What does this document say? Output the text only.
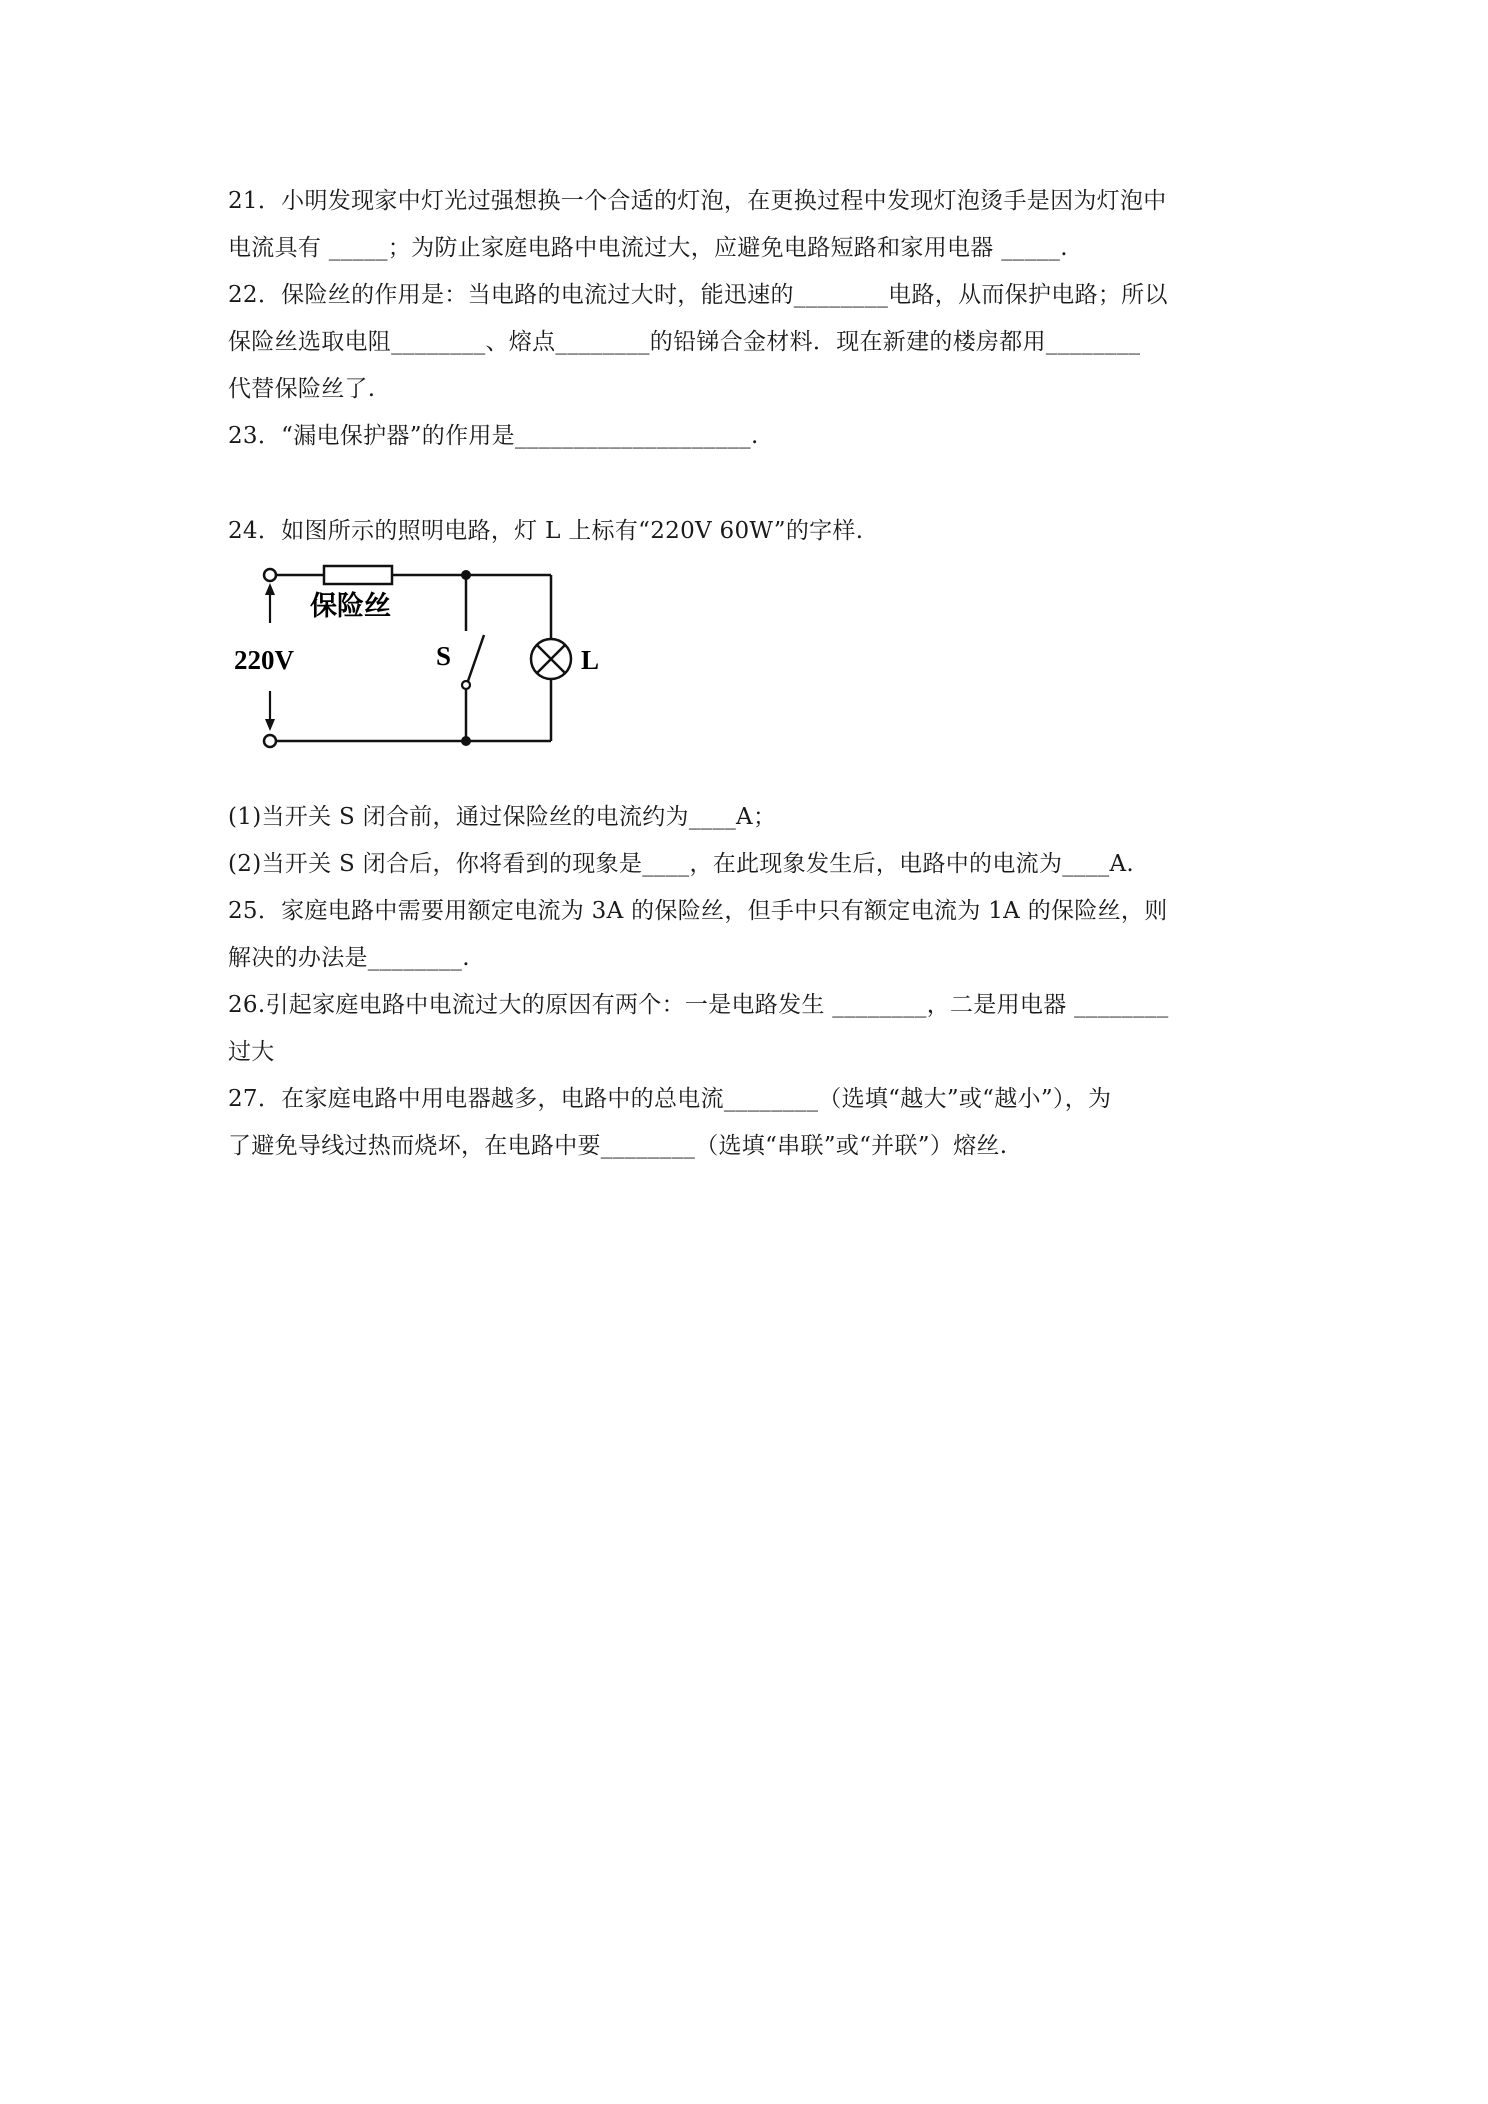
21．小明发现家中灯光过强想换一个合适的灯泡，在更换过程中发现灯泡烫手是因为灯泡中
电流具有 _____；为防止家庭电路中电流过大，应避免电路短路和家用电器 _____.
22．保险丝的作用是：当电路的电流过大时，能迅速的________电路，从而保护电路；所以
保险丝选取电阻________、熔点________的铅锑合金材料．现在新建的楼房都用________
代替保险丝了.
23．“漏电保护器”的作用是____________________.
24．如图所示的照明电路，灯 L 上标有“220V 60W”的字样.
保险丝
220V	S	L
(1)当开关 S 闭合前，通过保险丝的电流约为____A；
(2)当开关 S 闭合后，你将看到的现象是____，在此现象发生后，电路中的电流为____A.
25．家庭电路中需要用额定电流为 3A 的保险丝，但手中只有额定电流为 1A 的保险丝，则
解决的办法是________.
26.引起家庭电路中电流过大的原因有两个：一是电路发生 ________，二是用电器 ________
过大
27．在家庭电路中用电器越多，电路中的总电流________（选填“越大”或“越小”），为
了避免导线过热而烧坏，在电路中要________（选填“串联”或“并联”）熔丝.
